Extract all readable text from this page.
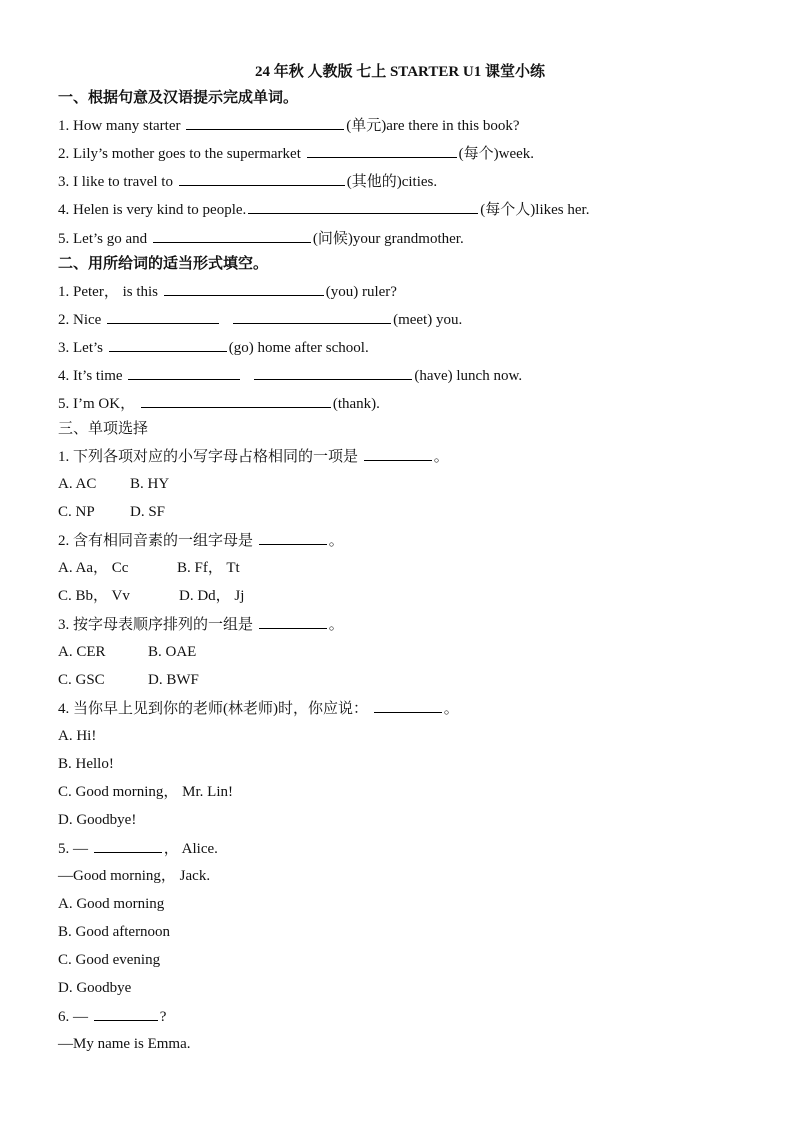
24 年秋 人教版 七上 STARTER U1 课堂小练
一、根据句意及汉语提示完成单词。
1. How many starter	(单元)are there in this book?
2. Lily’s mother goes to the supermarket	(每个)week.
3. I like to travel to	(其他的)cities.
4. Helen is very kind to people.	(每个人)likes her.
5. Let’s go and	(问候)your grandmother.
二、用所给词的适当形式填空。
1. Peter， is this	(you) ruler?
2. Nice	(meet) you.
3. Let’s	(go) home after school.
4. It’s time	(have) lunch now.
5. I’m OK，	(thank).
三、单项选择
1. 下列各项对应的小写字母占格相同的一项是	。
A. AC B. HY
C. NP D. SF
2. 含有相同音素的一组字母是	。
A. Aa， Cc	B. Ff， Tt
C. Bb， Vv	D. Dd， Jj
3. 按字母表顺序排列的一组是	。
A. CER	B. OAE
C. GSC	D. BWF
4. 当你早上见到你的老师(林老师)时，你应说：	。
A. Hi!
B. Hello!
C. Good morning， Mr. Lin!
D. Goodbye!
5. —	， Alice.
—Good morning， Jack.
A. Good morning
B. Good afternoon
C. Good evening
D. Goodbye
6. —	?
—My name is Emma.
